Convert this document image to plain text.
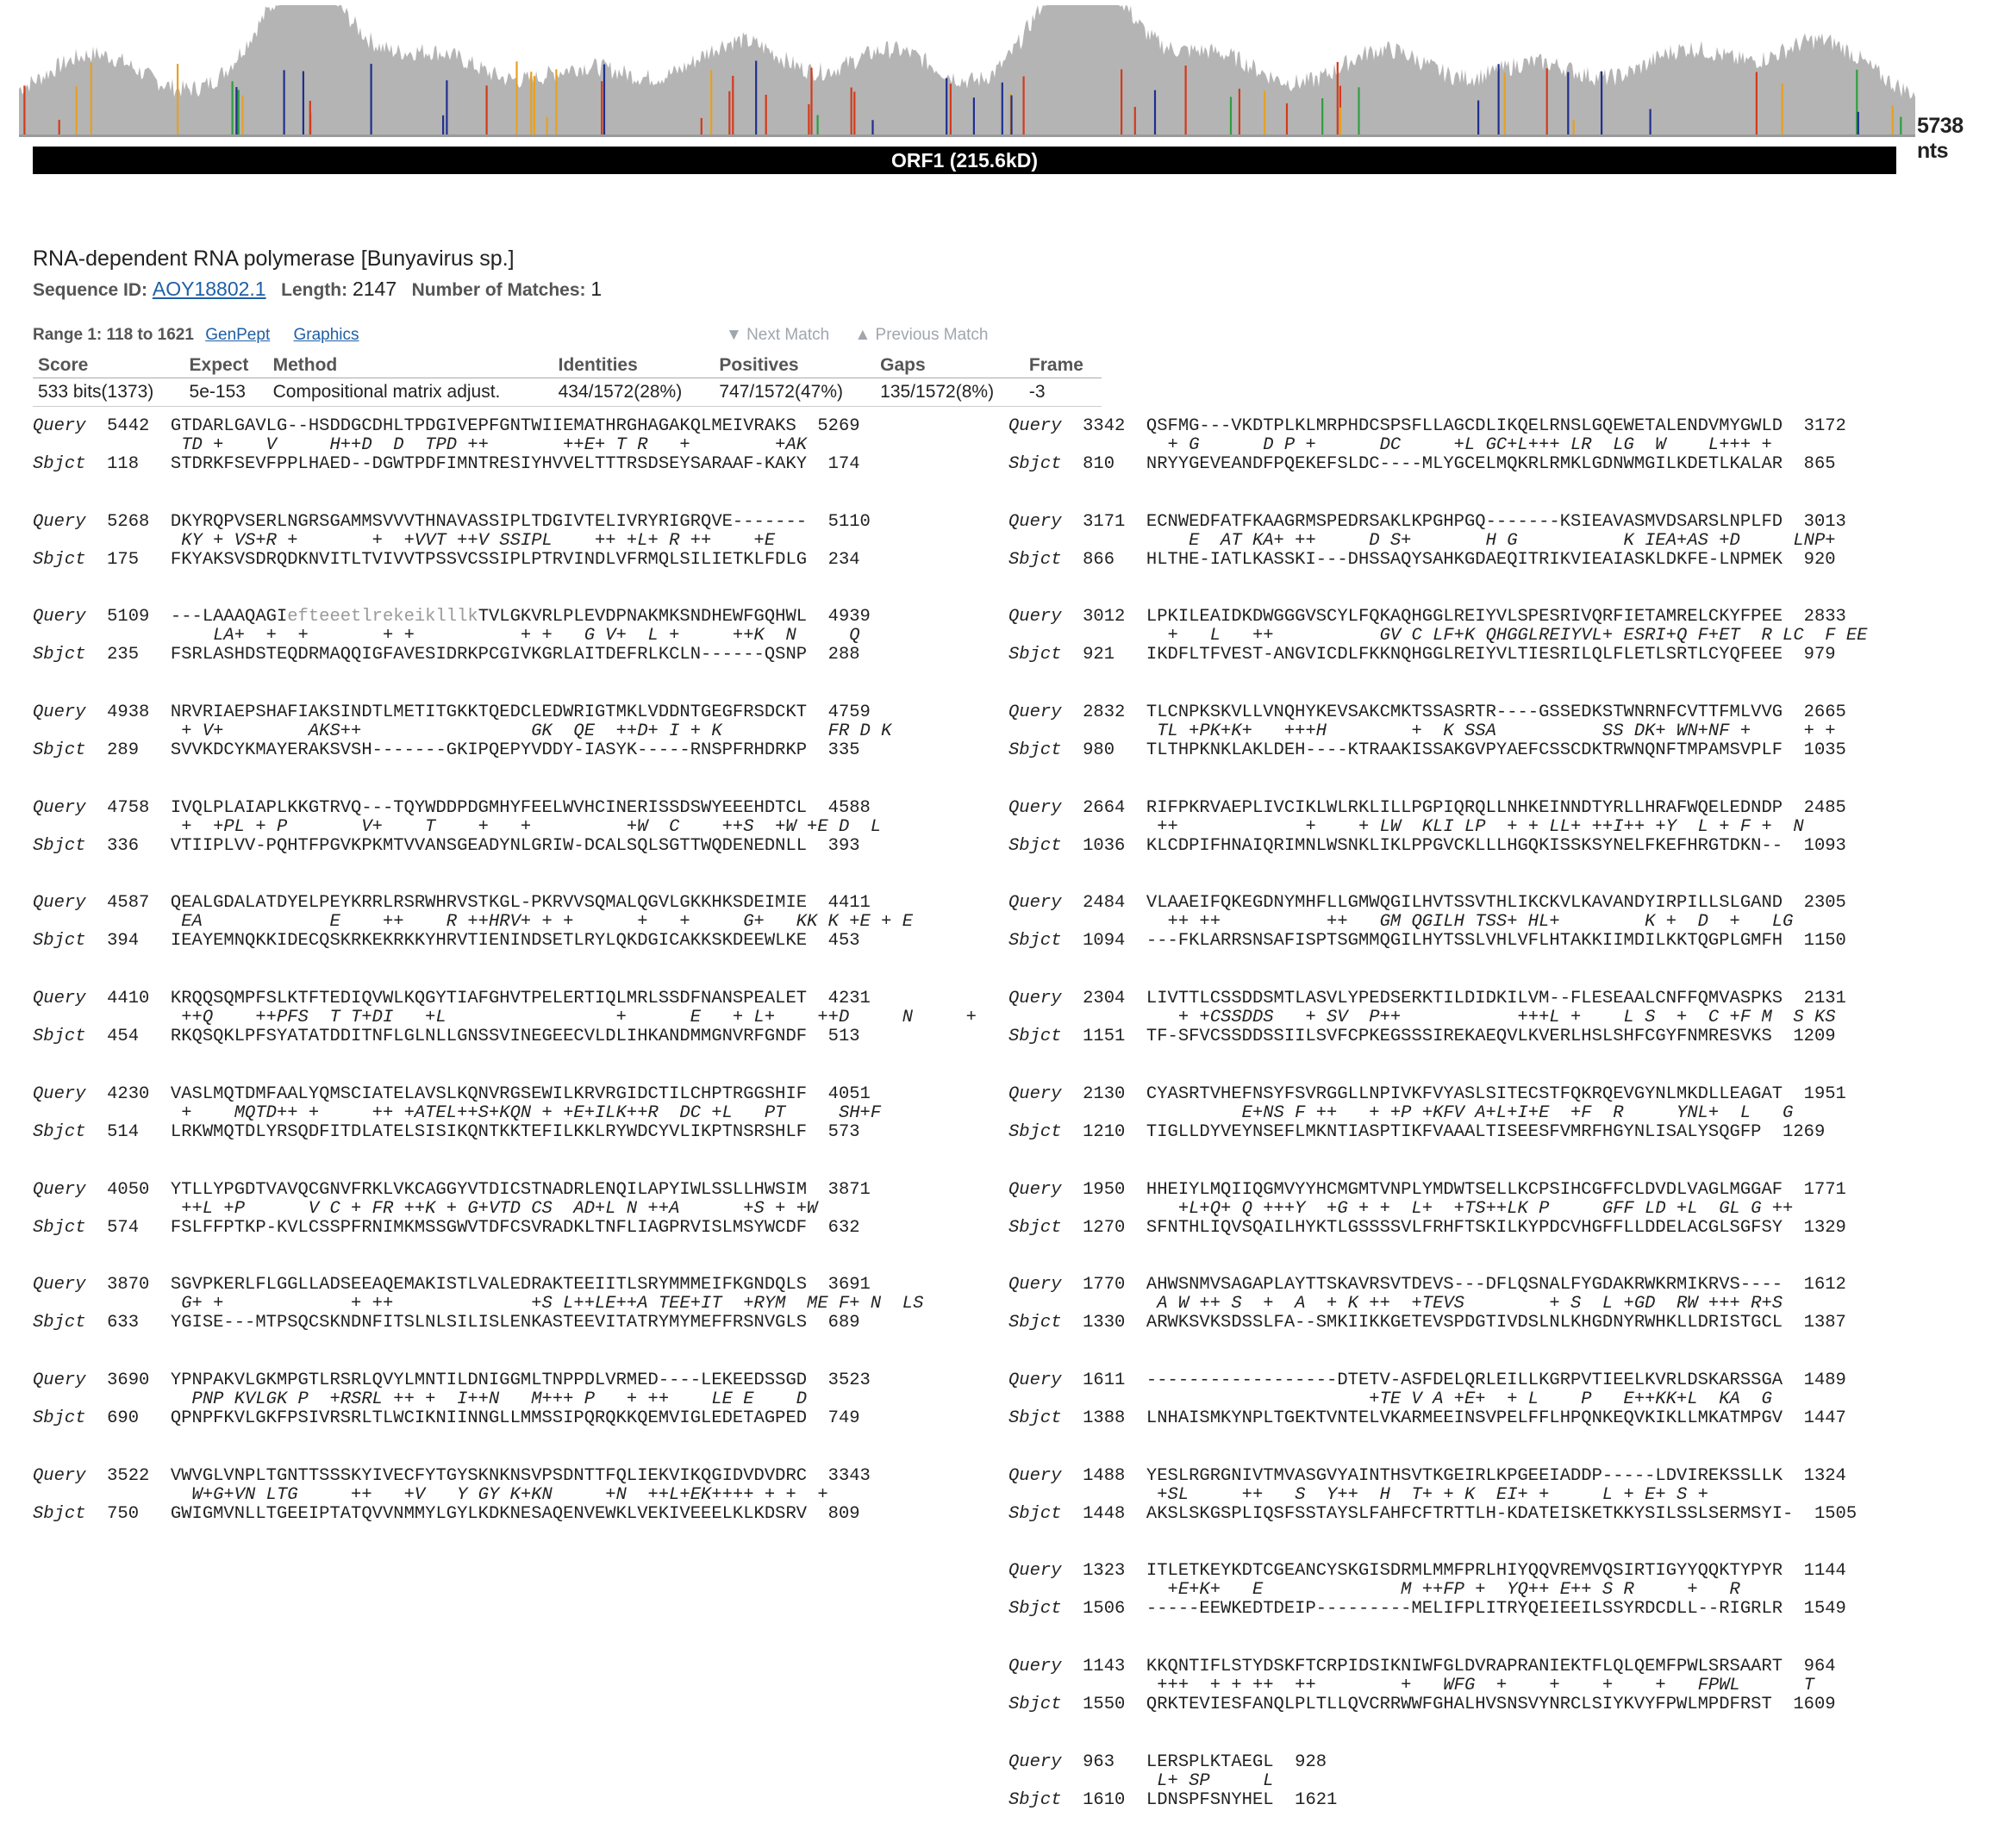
5738 nts
ORF1 (215.6kD)
RNA-dependent RNA polymerase [Bunyavirus sp.]
Sequence ID: AOY18802.1 Length: 2147 Number of Matches: 1
Range 1: 118 to 1621 GenPept Graphics	▼ Next Match ▲ Previous Match
Score	Expect	Method	Identities	Positives	Gaps	Frame
533 bits(1373)	5e-153	Compositional matrix adjust.	434/1572(28%)	747/1572(47%)	135/1572(8%)	-3
Query  5442  GTDARLGAVLG--HSDDGCDHLTPDGIVEPFGNTWIIEMATHRGHAGAKQLMEIVRAKS  5269
TD +    V     H++D  D  TPD ++       ++E+ T R   +        +AK
Sbjct  118   STDRKFSEVFPPLHAED--DGWTPDFIMNTRESIYHVVELTTTRSDSEYSARAAF-KAKY  174
Query  5268  DKYRQPVSERLNGRSGAMMSVVVTHNAVASSIPLTDGIVTELIVRYRIGRQVE-------  5110
KY + VS+R +       +  +VVT ++V SSIPL    ++ +L+ R ++    +E
Sbjct  175   FKYAKSVSDRQDKNVITLTVIVVTPSSVCSSIPLPTRVINDLVFRMQLSILIETKLFDLG  234
Query  5109  ---LAAAQAGIefteeetlrekeiklllkTVLGKVRLPLEVDPNAKMKSNDHEWFGQHWL  4939
LA+  +  +       + +          + +   G V+  L +     ++K  N     Q
Sbjct  235   FSRLASHDSTEQDRMAQQIGFAVESIDRKPCGIVKGRLAITDEFRLKCLN------QSNP  288
Query  4938  NRVRIAEPSHAFIAKSINDTLMETITGKKTQEDCLEDWRIGTMKLVDDNTGEGFRSDCKT  4759
+ V+        AKS++                GK  QE  ++D+ I + K          FR D K
Sbjct  289   SVVKDCYKMAYERAKSVSH-------GKIPQEPYVDDY-IASYK-----RNSPFRHDRKP  335
Query  4758  IVQLPLAIAPLKKGTRVQ---TQYWDDPDGMHYFEELWVHCINERISSDSWYEEEHDTCL  4588
+  +PL + P       V+    T    +   +         +W  C    ++S  +W +E D  L
Sbjct  336   VTIIPLVV-PQHTFPGVKPKMTVVANSGEADYNLGRIW-DCALSQLSGTTWQDENEDNLL  393
Query  4587  QEALGDALATDYELPEYKRRLRSRWHRVSTKGL-PKRVVSQMALQGVLGKKHKSDEIMIE  4411
EA            E    ++    R ++HRV+ + +      +   +     G+   KK K +E + E
Sbjct  394   IEAYEMNQKKIDECQSKRKEKRKKYHRVTIENINDSETLRYLQKDGICAKKSKDEEWLKE  453
Query  4410  KRQQSQMPFSLKTFTEDIQVWLKQGYTIAFGHVTPELERTIQLMRLSSDFNANSPEALET  4231
++Q    ++PFS  T T+DI   +L                +      E   + L+    ++D     N     +
Sbjct  454   RKQSQKLPFSYATATDDITNFLGLNLLGNSSVINEGEECVLDLIHKANDMMGNVRFGNDF  513
Query  4230  VASLMQTDMFAALYQMSCIATELAVSLKQNVRGSEWILKRVRGIDCTILCHPTRGGSHIF  4051
+    MQTD++ +     ++ +ATEL++S+KQN + +E+ILK++R  DC +L   PT     SH+F
Sbjct  514   LRKWMQTDLYRSQDFITDLATELSISIKQNTKKTEFILKKLRYWDCYVLIKPTNSRSHLF  573
Query  4050  YTLLYPGDTVAVQCGNVFRKLVKCAGGYVTDICSTNADRLENQILAPYIWLSSLLHWSIM  3871
++L +P      V C + FR ++K + G+VTD CS  AD+L N ++A      +S + +W
Sbjct  574   FSLFFPTKP-KVLCSSPFRNIMKMSSGWVTDFCSVRADKLTNFLIAGPRVISLMSYWCDF  632
Query  3870  SGVPKERLFLGGLLADSEEAQEMAKISTLVALEDRAKTEEIITLSRYMMMEIFKGNDQLS  3691
G+ +            + ++             +S L++LE++A TEE+IT  +RYM  ME F+ N  LS
Sbjct  633   YGISE---MTPSQCSKNDNFITSLNLSILISLENKASTEEVITATRYMYMEFFRSNVGLS  689
Query  3690  YPNPAKVLGKMPGTLRSRLQVYLMNTILDNIGGMLTNPPDLVRMED----LEKEEDSSGD  3523
PNP KVLGK P  +RSRL ++ +  I++N   M+++ P   + ++    LE E    D
Sbjct  690   QPNPFKVLGKFPSIVRSRLTLWCIKNIINNGLLMMSSIPQRQKKQEMVIGLEDETAGPED  749
Query  3522  VWVGLVNPLTGNTTSSSKYIVECFYTGYSKNKNSVPSDNTTFQLIEKVIKQGIDVDVDRC  3343
W+G+VN LTG     ++   +V   Y GY K+KN     +N  ++L+EK++++ + +  +
Sbjct  750   GWIGMVNLLTGEEIPTATQVVNMMYLGYLKDKNESAQENVEWKLVEKIVEEELKLKDSRV  809
Query  3342  QSFMG---VKDTPLKLMRPHDCSPSFLLAGCDLIKQELRNSLGQEWETALENDVMYGWLD  3172
+ G      D P +      DC     +L GC+L+++ LR  LG  W    L+++ +
Sbjct  810   NRYYGEVEANDFPQEKEFSLDC----MLYGCELMQKRLRMKLGDNWMGILKDETLKALAR  865
Query  3171  ECNWEDFATFKAAGRMSPEDRSAKLKPGHPGQ-------KSIEAVASMVDSARSLNPLFD  3013
E  AT KA+ ++     D S+       H G          K IEA+AS +D     LNP+
Sbjct  866   HLTHE-IATLKASSKI---DHSSAQYSAHKGDAEQITRIKVIEAIASKLDKFE-LNPMEK  920
Query  3012  LPKILEAIDKDWGGGVSCYLFQKAQHGGLREIYVLSPESRIVQRFIETAMRELCKYFPEE  2833
+   L   ++          GV C LF+K QHGGLREIYVL+ ESRI+Q F+ET  R LC  F EE
Sbjct  921   IKDFLTFVEST-ANGVICDLFKKNQHGGLREIYVLTIESRILQLFLETLSRTLCYQFEEE  979
Query  2832  TLCNPKSKVLLVNQHYKEVSAKCMKTSSASRTR----GSSEDKSTWNRNFCVTTFMLVVG  2665
TL +PK+K+   +++H        +  K SSA          SS DK+ WN+NF +     + +
Sbjct  980   TLTHPKNKLAKLDEH----KTRAAKISSAKGVPYAEFCSSCDKTRWNQNFTMPAMSVPLF  1035
Query  2664  RIFPKRVAEPLIVCIKLWLRKLILLPGPIQRQLLNHKEINNDTYRLLHRAFWQELEDNDP  2485
++            +    + LW  KLI LP  + + LL+ ++I++ +Y  L + F +  N
Sbjct  1036  KLCDPIFHNAIQRIMNLWSNKLIKLPPGVCKLLLHGQKISSKSYNELFKEFHRGTDKN--  1093
Query  2484  VLAAEIFQKEGDNYMHFLLGMWQGILHVTSSVTHLIKCKVLKAVANDYIRPILLSLGAND  2305
++ ++          ++   GM QGILH TSS+ HL+        K +  D  +   LG
Sbjct  1094  ---FKLARRSNSAFISPTSGMMQGILHYTSSLVHLVFLHTAKKIIMDILKKTQGPLGMFH  1150
Query  2304  LIVTTLCSSDDSMTLASVLYPEDSERKTILDIDKILVM--FLESEAALCNFFQMVASPKS  2131
+ +CSSDDS   + SV  P++           +++L +    L S  +  C +F M  S KS
Sbjct  1151  TF-SFVCSSDDSSIILSVFCPKEGSSSIREKAEQVLKVERLHSLSHFCGYFNMRESVKS  1209
Query  2130  CYASRTVHEFNSYFSVRGGLLNPIVKFVYASLSITECSTFQKRQEVGYNLMKDLLEAGAT  1951
E+NS F ++   + +P +KFV A+L+I+E  +F  R     YNL+  L   G
Sbjct  1210  TIGLLDYVEYNSEFLMKNTIASPTIKFVAAALTISEESFVMRFHGYNLISALYSQGFP  1269
Query  1950  HHEIYLMQIIQGMVYYHCMGMTVNPLYMDWTSELLKCPSIHCGFFCLDVDLVAGLMGGAF  1771
+L+Q+ Q +++Y  +G + +  L+  +TS++LK P     GFF LD +L  GL G ++
Sbjct  1270  SFNTHLIQVSQAILHYKTLGSSSSVLFRHFTSKILKYPDCVHGFFLLDDELACGLSGFSY  1329
Query  1770  AHWSNMVSAGAPLAYTTSKAVRSVTDEVS---DFLQSNALFYGDAKRWKRMIKRVS----  1612
A W ++ S  +  A  + K ++  +TEVS        + S  L +GD  RW +++ R+S
Sbjct  1330  ARWKSVKSDSSLFA--SMKIIKKGETEVSPDGTIVDSLNLKHGDNYRWHKLLDRISTGCL  1387
Query  1611  ------------------DTETV-ASFDELQRLEILLKGRPVTIEELKVRLDSKARSSGA  1489
+TE V A +E+  + L    P   E++KK+L  KA  G
Sbjct  1388  LNHAISMKYNPLTGEKTVNTELVKARMEEINSVPELFFLHPQNKEQVKIKLLMKATMPGV  1447
Query  1488  YESLRGRGNIVTMVASGVYAINTHSVTKGEIRLKPGEEIADDP-----LDVIREKSSLLK  1324
+SL     ++   S  Y++  H  T+ + K  EI+ +     L + E+ S +
Sbjct  1448  AKSLSKGSPLIQSFSSTAYSLFAHFCFTRTTLH-KDATEISKETKKYSILSSLSERMSYI-  1505
Query  1323  ITLETKEYKDTCGEANCYSKGISDRMLMMFPRLHIYQQVREMVQSIRTIGYYQQKTYPYR  1144
+E+K+   E             M ++FP +  YQ++ E++ S R     +   R
Sbjct  1506  -----EEWKEDTDEIP---------MELIFPLITRYQEIEEILSSYRDCDLL--RIGRLR  1549
Query  1143  KKQNTIFLSTYDSKFTCRPIDSIKNIWFGLDVRAPRANIEKTFLQLQEMFPWLSRSAART  964
+++  + + ++  ++        +   WFG  +    +    +    +   FPWL      T
Sbjct  1550  QRKTEVIESFANQLPLTLLQVCRRWWFGHALHVSNSVYNRCLSIYKVYFPWLMPDFRST  1609
Query  963   LERSPLKTAEGL  928
L+ SP     L
Sbjct  1610  LDNSPFSNYHEL  1621
